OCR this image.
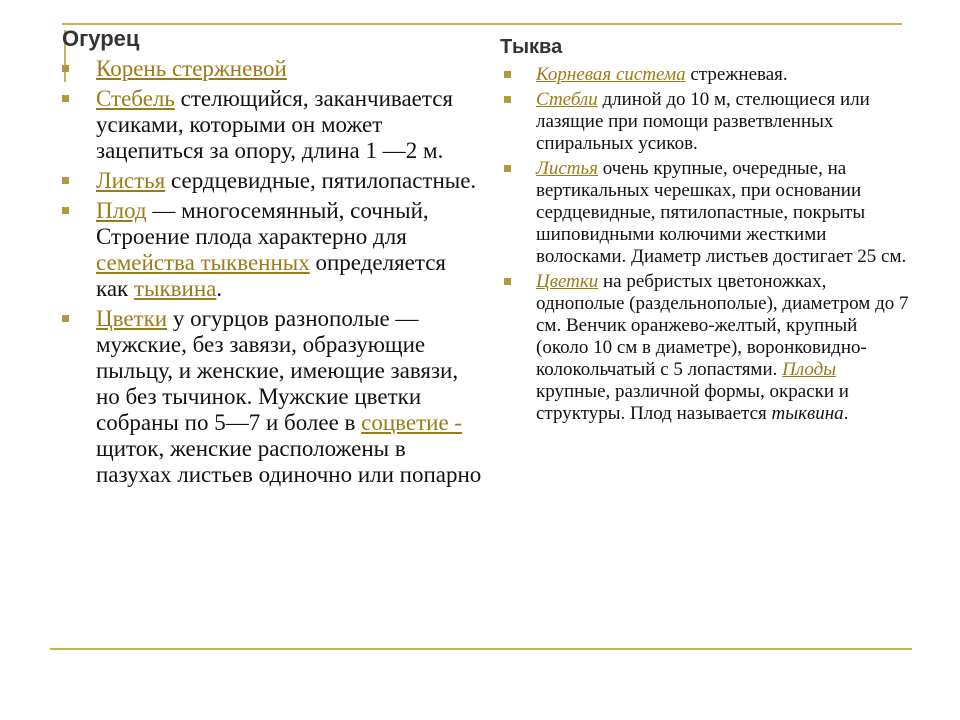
Огурец
Корень стержневой
Стебель стелющийся, заканчивается усиками, которыми он может зацепиться за опору, длина 1 —2 м.
Листья сердцевидные, пятилопастные.
Плод — многосемянный, сочный, Строение плода характерно для семейства тыквенных определяется как тыквина.
Цветки у огурцов разнополые — мужские, без завязи, образующие пыльцу, и женские, имеющие завязи, но без тычинок. Мужские цветки собраны по 5—7 и более в соцветие - щиток, женские расположены в пазухах листьев одиночно или попарно
Тыква
Корневая система стрежневая.
Стебли длиной до 10 м, стелющиеся или лазящие при помощи разветвленных спиральных усиков.
Листья очень крупные, очередные, на вертикальных черешках, при основании сердцевидные, пятилопастные, покрыты шиповидными колючими жесткими волосками. Диаметр листьев достигает 25 см.
Цветки на ребристых цветоножках, однополые (раздельнополые), диаметром до 7 см. Венчик оранжево-желтый, крупный (около 10 см в диаметре), воронковидно-колокольчатый с 5 лопастями. Плоды крупные, различной формы, окраски и структуры. Плод называется тыквина.
